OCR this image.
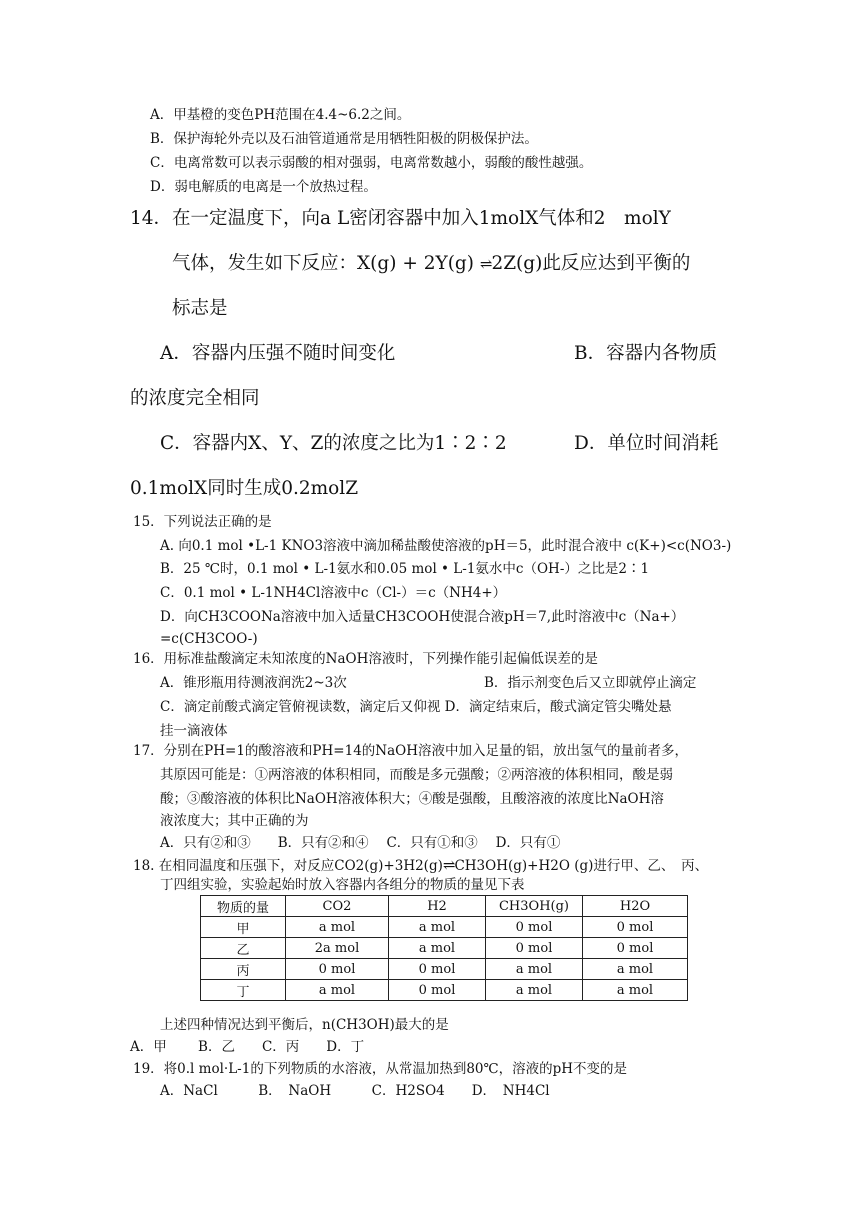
A．甲基橙的变色PH范围在4.4~6.2之间。
B．保护海轮外壳以及石油管道通常是用牺牲阳极的阴极保护法。
C．电离常数可以表示弱酸的相对强弱，电离常数越小，弱酸的酸性越强。
D．弱电解质的电离是一个放热过程。
14．在一定温度下，向a L密闭容器中加入1molX气体和2　molY
气体，发生如下反应：X(g) + 2Y(g) ⇌2Z(g)此反应达到平衡的
标志是
A．容器内压强不随时间变化	B．容器内各物质
的浓度完全相同
C．容器内X、Y、Z的浓度之比为1∶2∶2	D．单位时间消耗
0.1molX同时生成0.2molZ
15．下列说法正确的是
A. 向0.1 mol •L-1 KNO3溶液中滴加稀盐酸使溶液的pH＝5，此时混合液中 c(K+)<c(NO3-)
B．25 ℃时，0.1 mol • L-1氨水和0.05 mol • L-1氨水中c（OH-）之比是2∶1
C．0.1 mol • L-1NH4Cl溶液中c（Cl-）＝c（NH4+）
D．向CH3COONa溶液中加入适量CH3COOH使混合液pH＝7,此时溶液中c（Na+）
=c(CH3COO-)
16．用标准盐酸滴定未知浓度的NaOH溶液时，下列操作能引起偏低误差的是
A．锥形瓶用待测液润洗2~3次	B．指示剂变色后又立即就停止滴定
C．滴定前酸式滴定管俯视读数，滴定后又仰视 D．滴定结束后，酸式滴定管尖嘴处悬
挂一滴液体
17．分别在PH=1的酸溶液和PH=14的NaOH溶液中加入足量的铝，放出氢气的量前者多，
其原因可能是：①两溶液的体积相同，而酸是多元强酸；②两溶液的体积相同，酸是弱
酸；③酸溶液的体积比NaOH溶液体积大；④酸是强酸，且酸溶液的浓度比NaOH溶
液浓度大；其中正确的为
A．只有②和③　　B．只有②和④　 C．只有①和③　 D．只有①
18. 在相同温度和压强下，对反应CO2(g)+3H2(g)⇌CH3OH(g)+H2O (g)进行甲、乙、　丙、
丁四组实验，实验起始时放入容器内各组分的物质的量见下表
物质的量	CO2	H2	CH3OH(g)	H2O
甲	a mol	a mol	0 mol	0 mol
乙	2a mol	a mol	0 mol	0 mol
丙	0 mol	0 mol	a mol	a mol
丁	a mol	0 mol	a mol	a mol
上述四种情况达到平衡后，n(CH3OH)最大的是
A．甲　　 B．乙　　C．丙　　D．丁
19．将0.l mol·L-1的下列物质的水溶液，从常温加热到80℃，溶液的pH不变的是
A．NaCl　　　B．　NaOH　　　C．H2SO4　　D．　NH4Cl
